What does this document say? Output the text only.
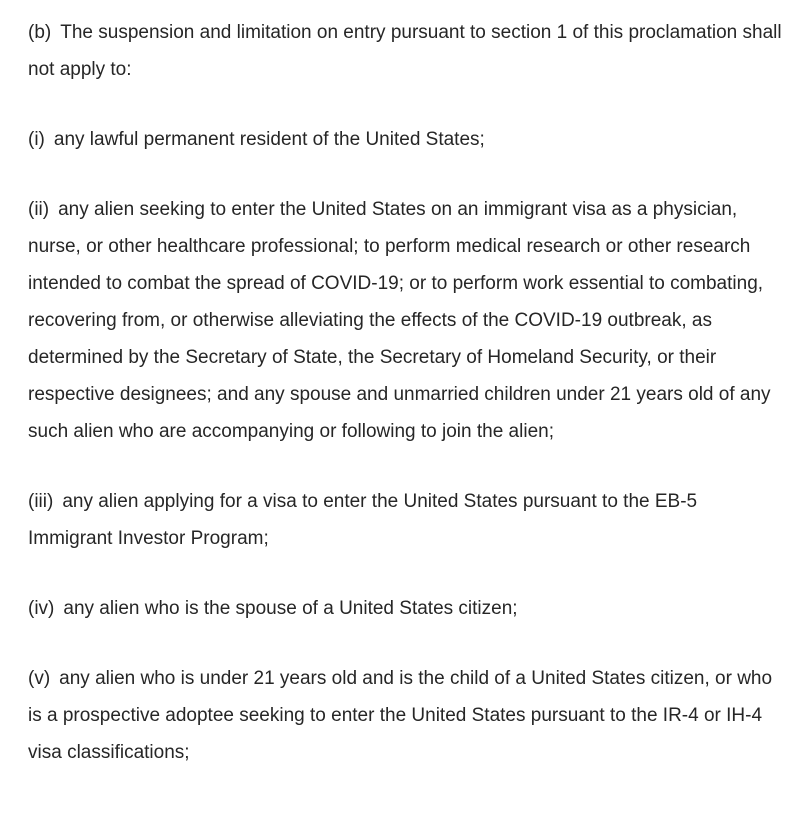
(b) The suspension and limitation on entry pursuant to section 1 of this proclamation shall not apply to:

(i) any lawful permanent resident of the United States;

(ii) any alien seeking to enter the United States on an immigrant visa as a physician, nurse, or other healthcare professional; to perform medical research or other research intended to combat the spread of COVID-19; or to perform work essential to combating, recovering from, or otherwise alleviating the effects of the COVID-19 outbreak, as determined by the Secretary of State, the Secretary of Homeland Security, or their respective designees; and any spouse and unmarried children under 21 years old of any such alien who are accompanying or following to join the alien;

(iii) any alien applying for a visa to enter the United States pursuant to the EB-5 Immigrant Investor Program;

(iv) any alien who is the spouse of a United States citizen;

(v) any alien who is under 21 years old and is the child of a United States citizen, or who is a prospective adoptee seeking to enter the United States pursuant to the IR-4 or IH-4 visa classifications;
